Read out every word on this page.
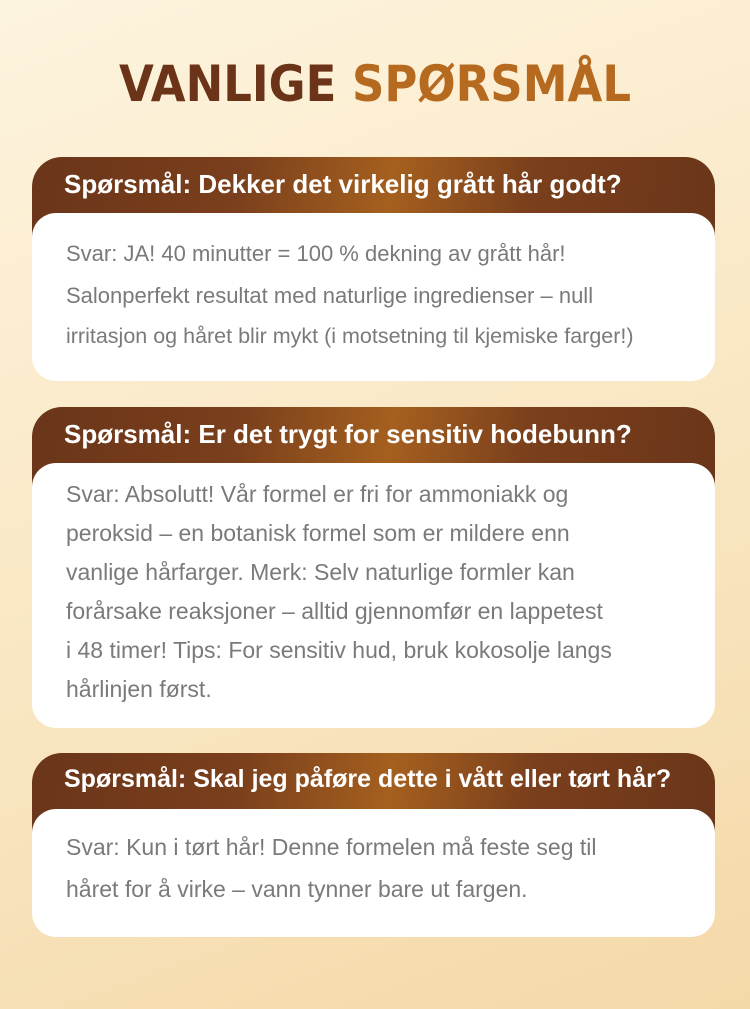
VANLIGE SPØRSMÅL
Spørsmål: Dekker det virkelig grått hår godt?

Svar: JA! 40 minutter = 100 % dekning av grått hår!

Salonperfekt resultat med naturlige ingredienser – null

irritasjon og håret blir mykt (i motsetning til kjemiske farger!)

Spørsmål: Er det trygt for sensitiv hodebunn?

Svar: Absolutt! Vår formel er fri for ammoniakk og

peroksid – en botanisk formel som er mildere enn

vanlige hårfarger. Merk: Selv naturlige formler kan

forårsake reaksjoner – alltid gjennomfør en lappetest

i 48 timer! Tips: For sensitiv hud, bruk kokosolje langs

hårlinjen først.

Spørsmål: Skal jeg påføre dette i vått eller tørt hår?

Svar: Kun i tørt hår! Denne formelen må feste seg til

håret for å virke – vann tynner bare ut fargen.
